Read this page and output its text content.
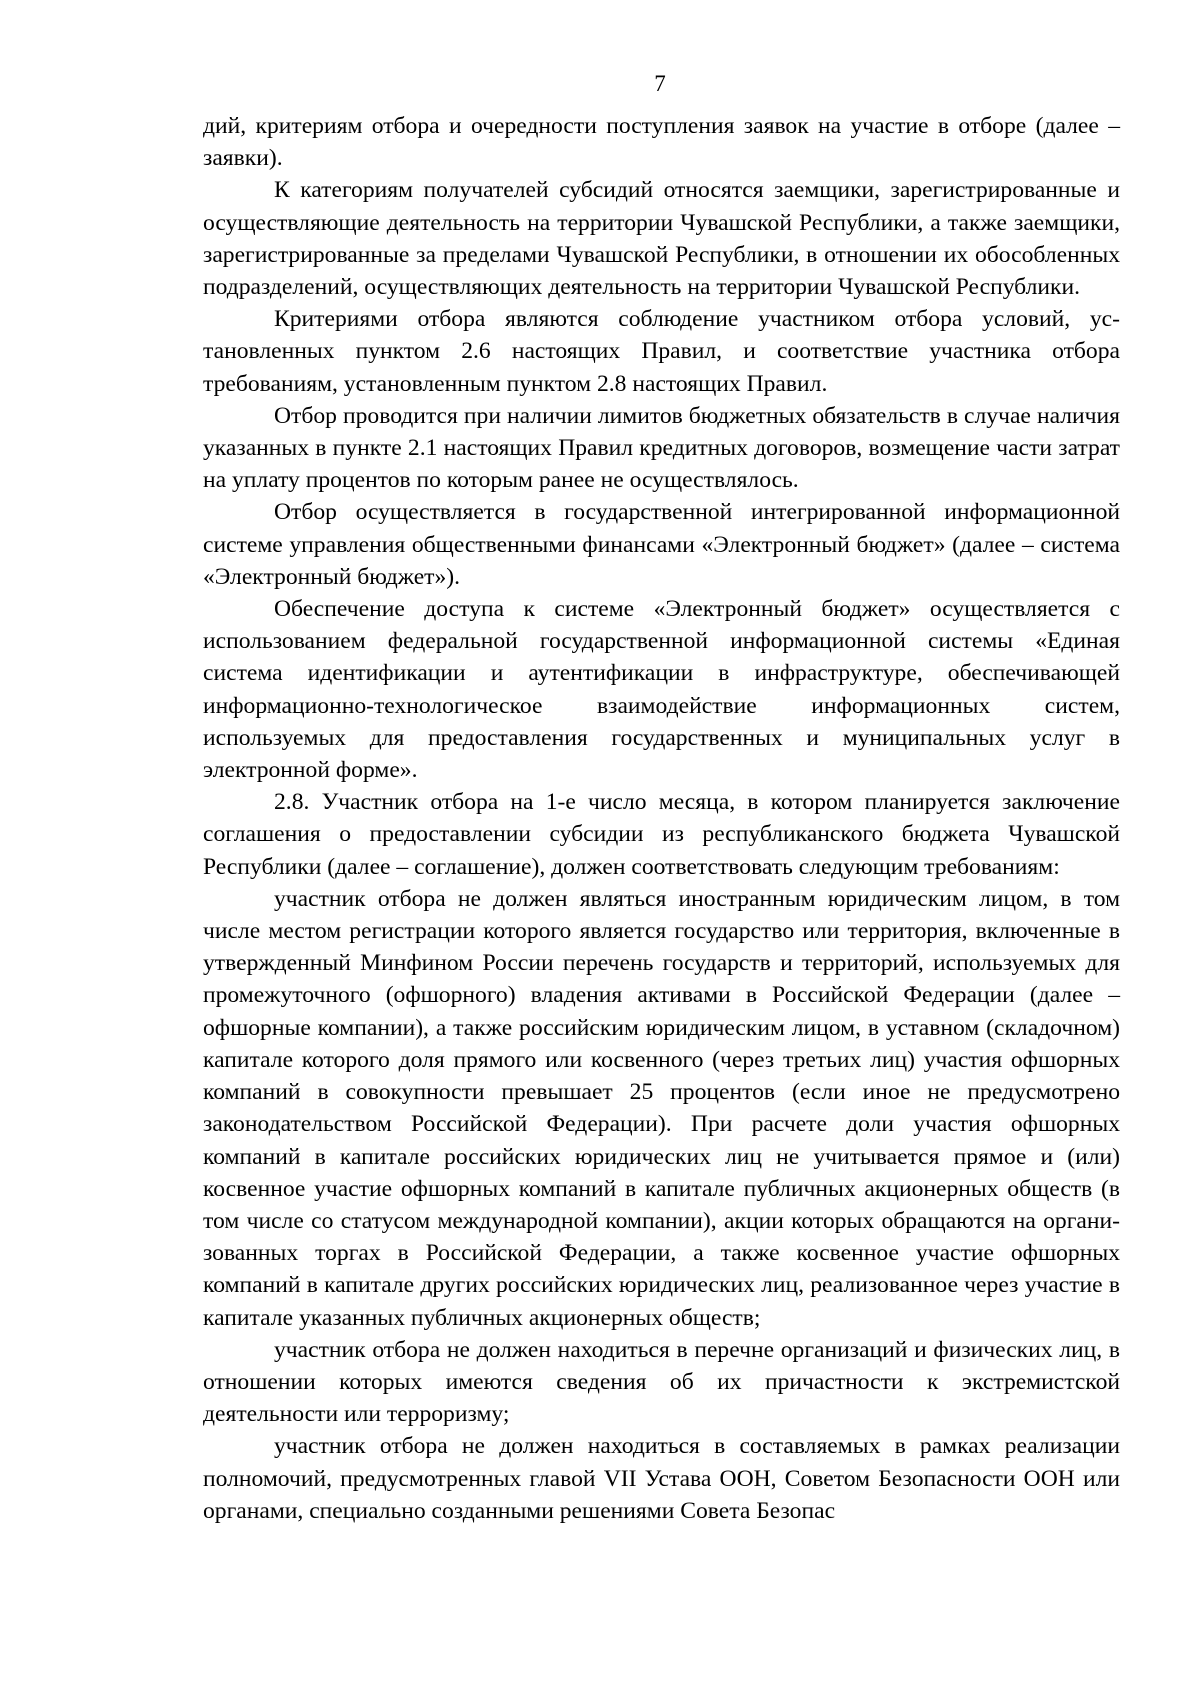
7

дий, критериям отбора и очередности поступления заявок на участие в отборе (далее – заявки).

К категориям получателей субсидий относятся заемщики, зарегистрированные и осуществляющие деятельность на территории Чувашской Республики, а также заемщики, зарегистрированные за пределами Чувашской Республики, в отношении их обособленных подразделений, осуществляющих деятельность на территории Чувашской Республики.

Критериями отбора являются соблюдение участником отбора условий, установленных пунктом 2.6 настоящих Правил, и соответствие участника отбора требованиям, установленным пунктом 2.8 настоящих Правил.

Отбор проводится при наличии лимитов бюджетных обязательств в случае наличия указанных в пункте 2.1 настоящих Правил кредитных договоров, возмещение части затрат на уплату процентов по которым ранее не осуществлялось.

Отбор осуществляется в государственной интегрированной информационной системе управления общественными финансами «Электронный бюджет» (далее – система «Электронный бюджет»).

Обеспечение доступа к системе «Электронный бюджет» осуществляется с использованием федеральной государственной информационной системы «Единая система идентификации и аутентификации в инфраструктуре, обеспечивающей информационно-технологическое взаимодействие информационных систем, используемых для предоставления государственных и муниципальных услуг в электронной форме».

2.8. Участник отбора на 1-е число месяца, в котором планируется заключение соглашения о предоставлении субсидии из республиканского бюджета Чувашской Республики (далее – соглашение), должен соответствовать следующим требованиям:

участник отбора не должен являться иностранным юридическим лицом, в том числе местом регистрации которого является государство или территория, включенные в утвержденный Минфином России перечень государств и территорий, используемых для промежуточного (офшорного) владения активами в Российской Федерации (далее – офшорные компании), а также российским юридическим лицом, в уставном (складочном) капитале которого доля прямого или косвенного (через третьих лиц) участия офшорных компаний в совокупности превышает 25 процентов (если иное не предусмотрено законодательством Российской Федерации). При расчете доли участия офшорных компаний в капитале российских юридических лиц не учитывается прямое и (или) косвенное участие офшорных компаний в капитале публичных акционерных обществ (в том числе со статусом международной компании), акции которых обращаются на организованных торгах в Российской Федерации, а также косвенное участие офшорных компаний в капитале других российских юридических лиц, реализованное через участие в капитале указанных публичных акционерных обществ;

участник отбора не должен находиться в перечне организаций и физических лиц, в отношении которых имеются сведения об их причастности к экстремистской деятельности или терроризму;

участник отбора не должен находиться в составляемых в рамках реализации полномочий, предусмотренных главой VII Устава ООН, Советом Безопасности ООН или органами, специально созданными решениями Совета Безопас
